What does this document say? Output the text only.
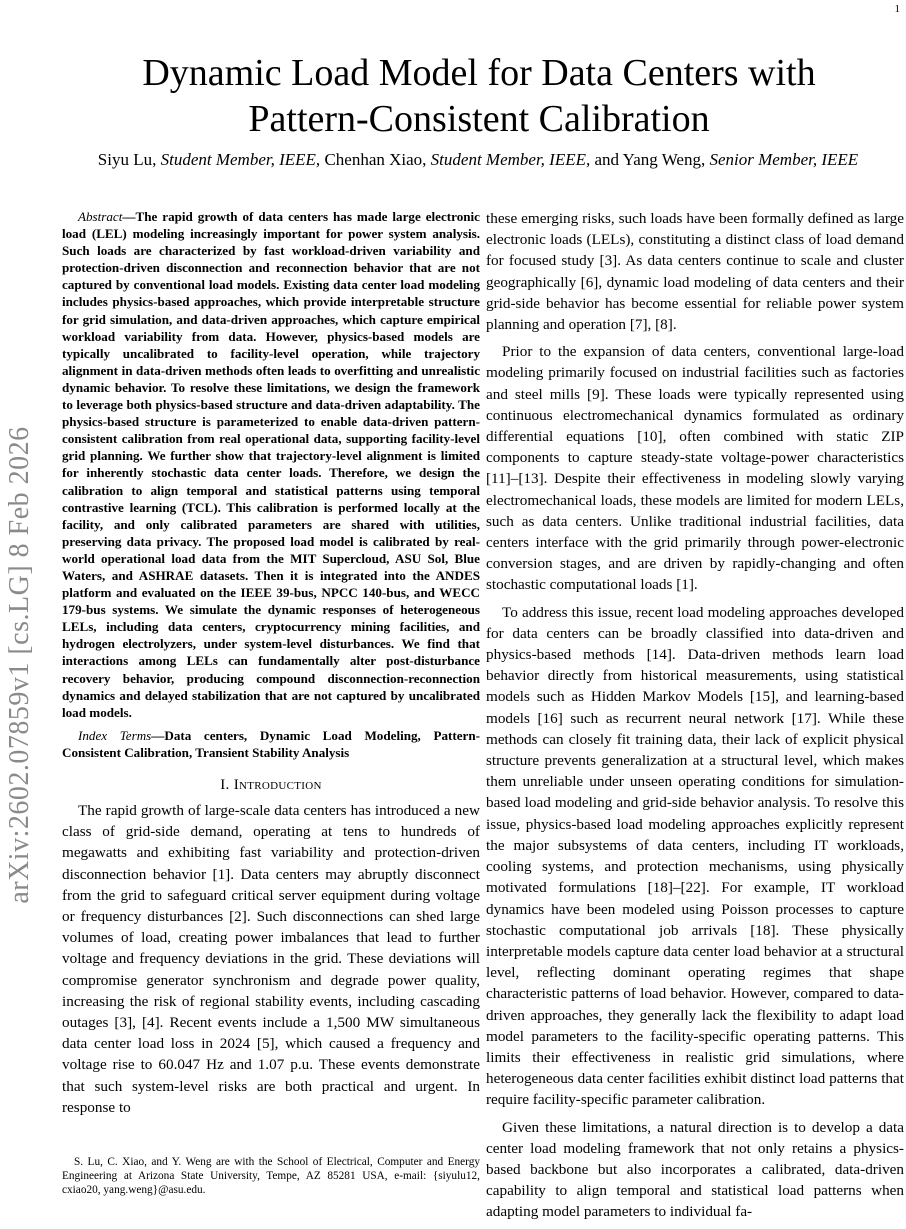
1
arXiv:2602.07859v1 [cs.LG] 8 Feb 2026
Dynamic Load Model for Data Centers with
Pattern-Consistent Calibration
Siyu Lu, Student Member, IEEE, Chenhan Xiao, Student Member, IEEE, and Yang Weng, Senior Member, IEEE

Abstract—The rapid growth of data centers has made large electronic load (LEL) modeling increasingly important for power system analysis. Such loads are characterized by fast workload-driven variability and protection-driven disconnection and reconnection behavior that are not captured by conventional load models. Existing data center load modeling includes physics-based approaches, which provide interpretable structure for grid simulation, and data-driven approaches, which capture empirical workload variability from data. However, physics-based models are typically uncalibrated to facility-level operation, while trajectory alignment in data-driven methods often leads to overfitting and unrealistic dynamic behavior. To resolve these limitations, we design the framework to leverage both physics-based structure and data-driven adaptability. The physics-based structure is parameterized to enable data-driven pattern-consistent calibration from real operational data, supporting facility-level grid planning. We further show that trajectory-level alignment is limited for inherently stochastic data center loads. Therefore, we design the calibration to align temporal and statistical patterns using temporal contrastive learning (TCL). This calibration is performed locally at the facility, and only calibrated parameters are shared with utilities, preserving data privacy. The proposed load model is calibrated by real-world operational load data from the MIT Supercloud, ASU Sol, Blue Waters, and ASHRAE datasets. Then it is integrated into the ANDES platform and evaluated on the IEEE 39-bus, NPCC 140-bus, and WECC 179-bus systems. We simulate the dynamic responses of heterogeneous LELs, including data centers, cryptocurrency mining facilities, and hydrogen electrolyzers, under system-level disturbances. We find that interactions among LELs can fundamentally alter post-disturbance recovery behavior, producing compound disconnection-reconnection dynamics and delayed stabilization that are not captured by uncalibrated load models.

Index Terms—Data centers, Dynamic Load Modeling, Pattern-Consistent Calibration, Transient Stability Analysis

I. Introduction

The rapid growth of large-scale data centers has introduced a new class of grid-side demand, operating at tens to hundreds of megawatts and exhibiting fast variability and protection-driven disconnection behavior [1]. Data centers may abruptly disconnect from the grid to safeguard critical server equipment during voltage or frequency disturbances [2]. Such disconnections can shed large volumes of load, creating power imbalances that lead to further voltage and frequency deviations in the grid. These deviations will compromise generator synchronism and degrade power quality, increasing the risk of regional stability events, including cascading outages [3], [4]. Recent events include a 1,500 MW simultaneous data center load loss in 2024 [5], which caused a frequency and voltage rise to 60.047 Hz and 1.07 p.u. These events demonstrate that such system-level risks are both practical and urgent. In response to

these emerging risks, such loads have been formally defined as large electronic loads (LELs), constituting a distinct class of load demand for focused study [3]. As data centers continue to scale and cluster geographically [6], dynamic load modeling of data centers and their grid-side behavior has become essential for reliable power system planning and operation [7], [8].

Prior to the expansion of data centers, conventional large-load modeling primarily focused on industrial facilities such as factories and steel mills [9]. These loads were typically represented using continuous electromechanical dynamics formulated as ordinary differential equations [10], often combined with static ZIP components to capture steady-state voltage-power characteristics [11]–[13]. Despite their effectiveness in modeling slowly varying electromechanical loads, these models are limited for modern LELs, such as data centers. Unlike traditional industrial facilities, data centers interface with the grid primarily through power-electronic conversion stages, and are driven by rapidly-changing and often stochastic computational loads [1].

To address this issue, recent load modeling approaches developed for data centers can be broadly classified into data-driven and physics-based methods [14]. Data-driven methods learn load behavior directly from historical measurements, using statistical models such as Hidden Markov Models [15], and learning-based models [16] such as recurrent neural network [17]. While these methods can closely fit training data, their lack of explicit physical structure prevents generalization at a structural level, which makes them unreliable under unseen operating conditions for simulation-based load modeling and grid-side behavior analysis. To resolve this issue, physics-based load modeling approaches explicitly represent the major subsystems of data centers, including IT workloads, cooling systems, and protection mechanisms, using physically motivated formulations [18]–[22]. For example, IT workload dynamics have been modeled using Poisson processes to capture stochastic computational job arrivals [18]. These physically interpretable models capture data center load behavior at a structural level, reflecting dominant operating regimes that shape characteristic patterns of load behavior. However, compared to data-driven approaches, they generally lack the flexibility to adapt load model parameters to the facility-specific operating patterns. This limits their effectiveness in realistic grid simulations, where heterogeneous data center facilities exhibit distinct load patterns that require facility-specific parameter calibration.

Given these limitations, a natural direction is to develop a data center load modeling framework that not only retains a physics-based backbone but also incorporates a calibrated, data-driven capability to align temporal and statistical load patterns when adapting model parameters to individual fa-

S. Lu, C. Xiao, and Y. Weng are with the School of Electrical, Computer and Energy Engineering at Arizona State University, Tempe, AZ 85281 USA, e-mail: {siyulu12, cxiao20, yang.weng}@asu.edu.
